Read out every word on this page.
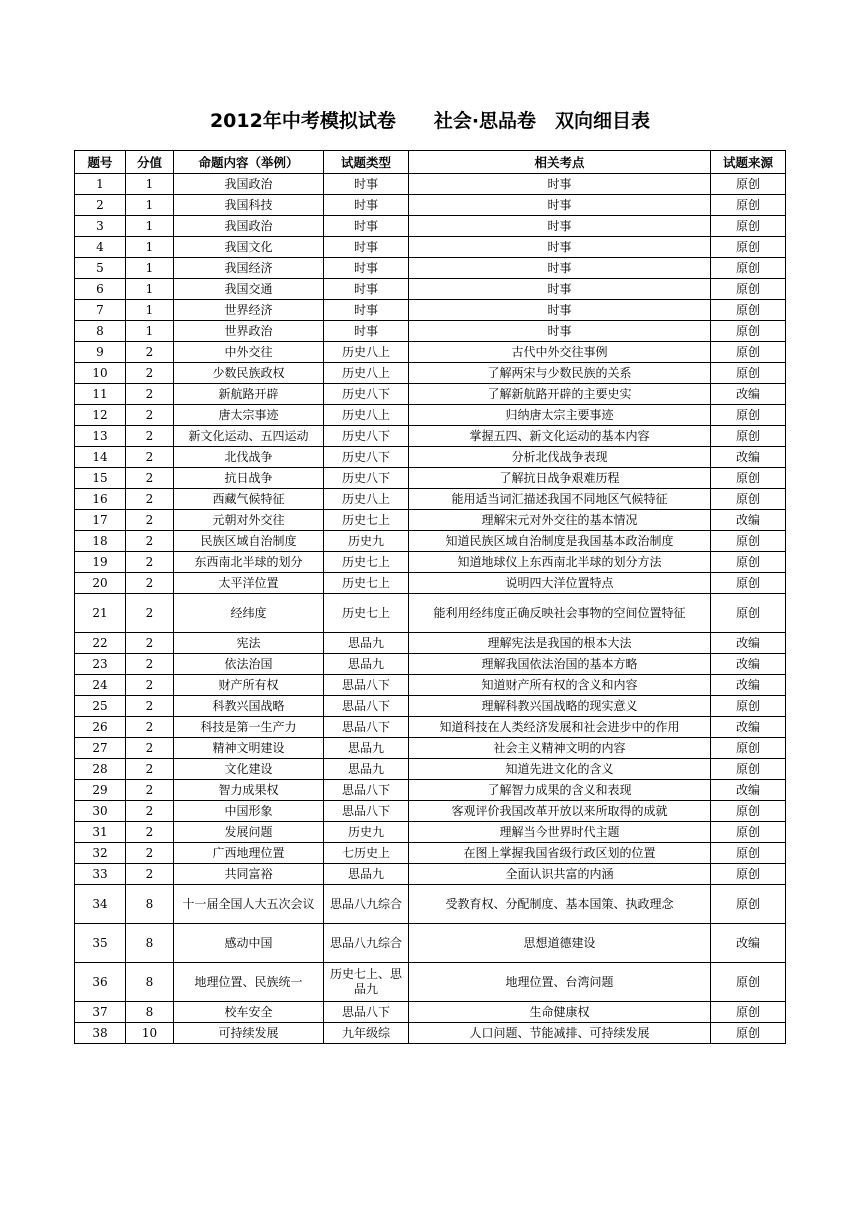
2012年中考模拟试卷　　社会·思品卷　双向细目表
题号	分值	命题内容（举例）	试题类型	相关考点	试题来源
1	1	我国政治	时事	时事	原创
2	1	我国科技	时事	时事	原创
3	1	我国政治	时事	时事	原创
4	1	我国文化	时事	时事	原创
5	1	我国经济	时事	时事	原创
6	1	我国交通	时事	时事	原创
7	1	世界经济	时事	时事	原创
8	1	世界政治	时事	时事	原创
9	2	中外交往	历史八上	古代中外交往事例	原创
10	2	少数民族政权	历史八上	了解两宋与少数民族的关系	原创
11	2	新航路开辟	历史八下	了解新航路开辟的主要史实	改编
12	2	唐太宗事迹	历史八上	归纳唐太宗主要事迹	原创
13	2	新文化运动、五四运动	历史八下	掌握五四、新文化运动的基本内容	原创
14	2	北伐战争	历史八下	分析北伐战争表现	改编
15	2	抗日战争	历史八下	了解抗日战争艰难历程	原创
16	2	西藏气候特征	历史八上	能用适当词汇描述我国不同地区气候特征	原创
17	2	元朝对外交往	历史七上	理解宋元对外交往的基本情况	改编
18	2	民族区域自治制度	历史九	知道民族区域自治制度是我国基本政治制度	原创
19	2	东西南北半球的划分	历史七上	知道地球仪上东西南北半球的划分方法	原创
20	2	太平洋位置	历史七上	说明四大洋位置特点	原创
21	2	经纬度	历史七上	能利用经纬度正确反映社会事物的空间位置特征	原创
22	2	宪法	思品九	理解宪法是我国的根本大法	改编
23	2	依法治国	思品九	理解我国依法治国的基本方略	改编
24	2	财产所有权	思品八下	知道财产所有权的含义和内容	改编
25	2	科教兴国战略	思品八下	理解科教兴国战略的现实意义	原创
26	2	科技是第一生产力	思品八下	知道科技在人类经济发展和社会进步中的作用	改编
27	2	精神文明建设	思品九	社会主义精神文明的内容	原创
28	2	文化建设	思品九	知道先进文化的含义	原创
29	2	智力成果权	思品八下	了解智力成果的含义和表现	改编
30	2	中国形象	思品八下	客观评价我国改革开放以来所取得的成就	原创
31	2	发展问题	历史九	理解当今世界时代主题	原创
32	2	广西地理位置	七历史上	在图上掌握我国省级行政区划的位置	原创
33	2	共同富裕	思品九	全面认识共富的内涵	原创
34	8	十一届全国人大五次会议	思品八九综合	受教育权、分配制度、基本国策、执政理念	原创
35	8	感动中国	思品八九综合	思想道德建设	改编
36	8	地理位置、民族统一	历史七上、思品九	地理位置、台湾问题	原创
37	8	校车安全	思品八下	生命健康权	原创
38	10	可持续发展	九年级综	人口问题、节能减排、可持续发展	原创
